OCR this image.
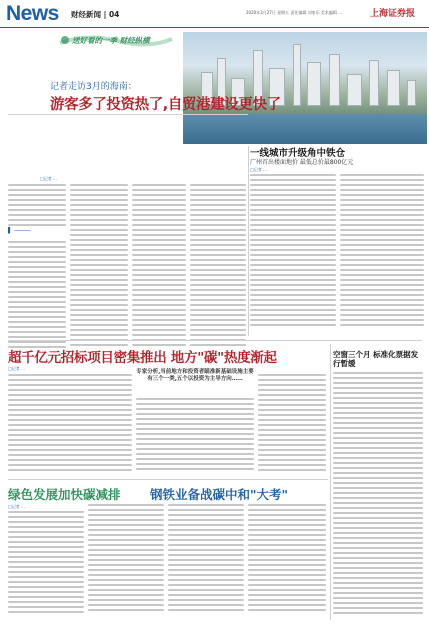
News 财经新闻 | 04	2020年3月27日 星期五 责任编辑 刘家乐 美术编辑 ...	上海证券报
送好看的一季 财经纵横
记者走访3月的海南：
游客多了投资热了,自贸港建设更快了
□记者 ...
▌ ─────
一线城市升级角中铁仓
广州首出楼面地价 最低总价最800亿元
□记者 ...
超千亿元招标项目密集推出 地方"碳"热度渐起
□记者 ...
专家分析,当前地方和投资者瞄准新基础设施主要有三个一类,五个以投资为主导方向……
空窗三个月 标准化票据发行暂缓
绿色发展加快碳减排 钢铁业备战碳中和"大考"
□记者 ...
